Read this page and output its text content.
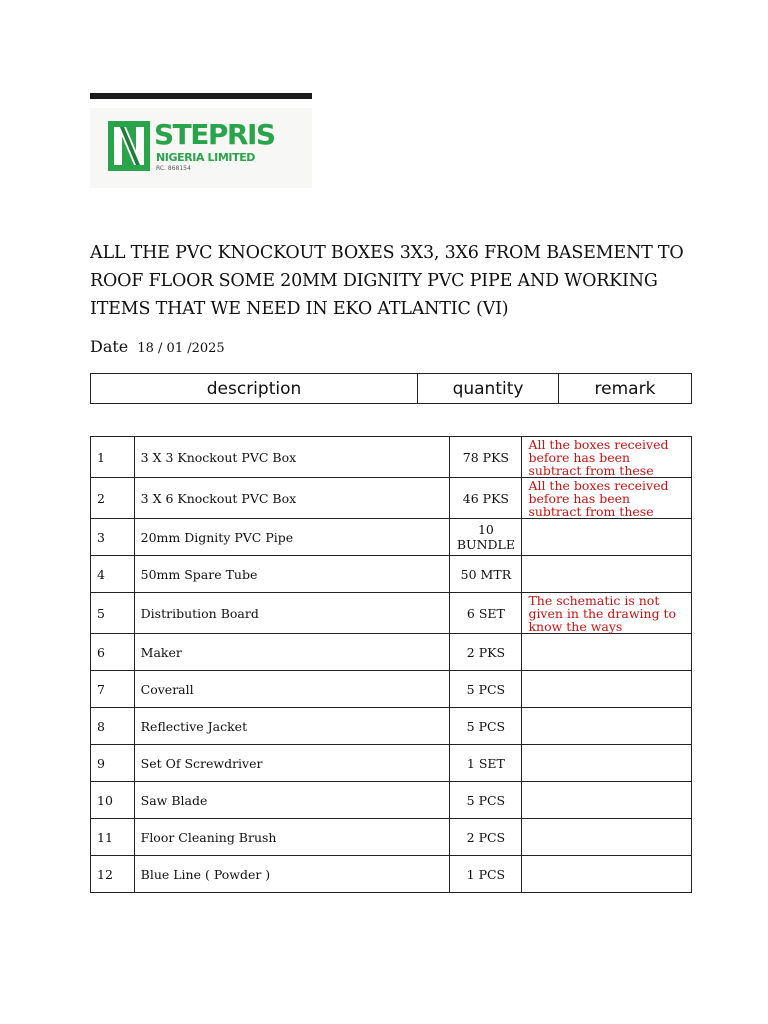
STEPRIS
NIGERIA LIMITED
RC. 868154
ALL THE PVC KNOCKOUT BOXES 3X3, 3X6 FROM BASEMENT TO ROOF FLOOR SOME 20MM DIGNITY PVC PIPE AND WORKING ITEMS THAT WE NEED IN EKO ATLANTIC (VI)
Date 18 / 01 /2025
description	quantity	remark
1	3 X 3 Knockout PVC Box	78 PKS	All the boxes received before has been subtract from these
2	3 X 6 Knockout PVC Box	46 PKS	All the boxes received before has been subtract from these
3	20mm Dignity PVC Pipe	10 BUNDLE	
4	50mm Spare Tube	50 MTR	
5	Distribution Board	6 SET	The schematic is not given in the drawing to know the ways
6	Maker	2 PKS	
7	Coverall	5 PCS	
8	Reflective Jacket	5 PCS	
9	Set Of Screwdriver	1 SET	
10	Saw Blade	5 PCS	
11	Floor Cleaning Brush	2 PCS	
12	Blue Line ( Powder )	1 PCS	
